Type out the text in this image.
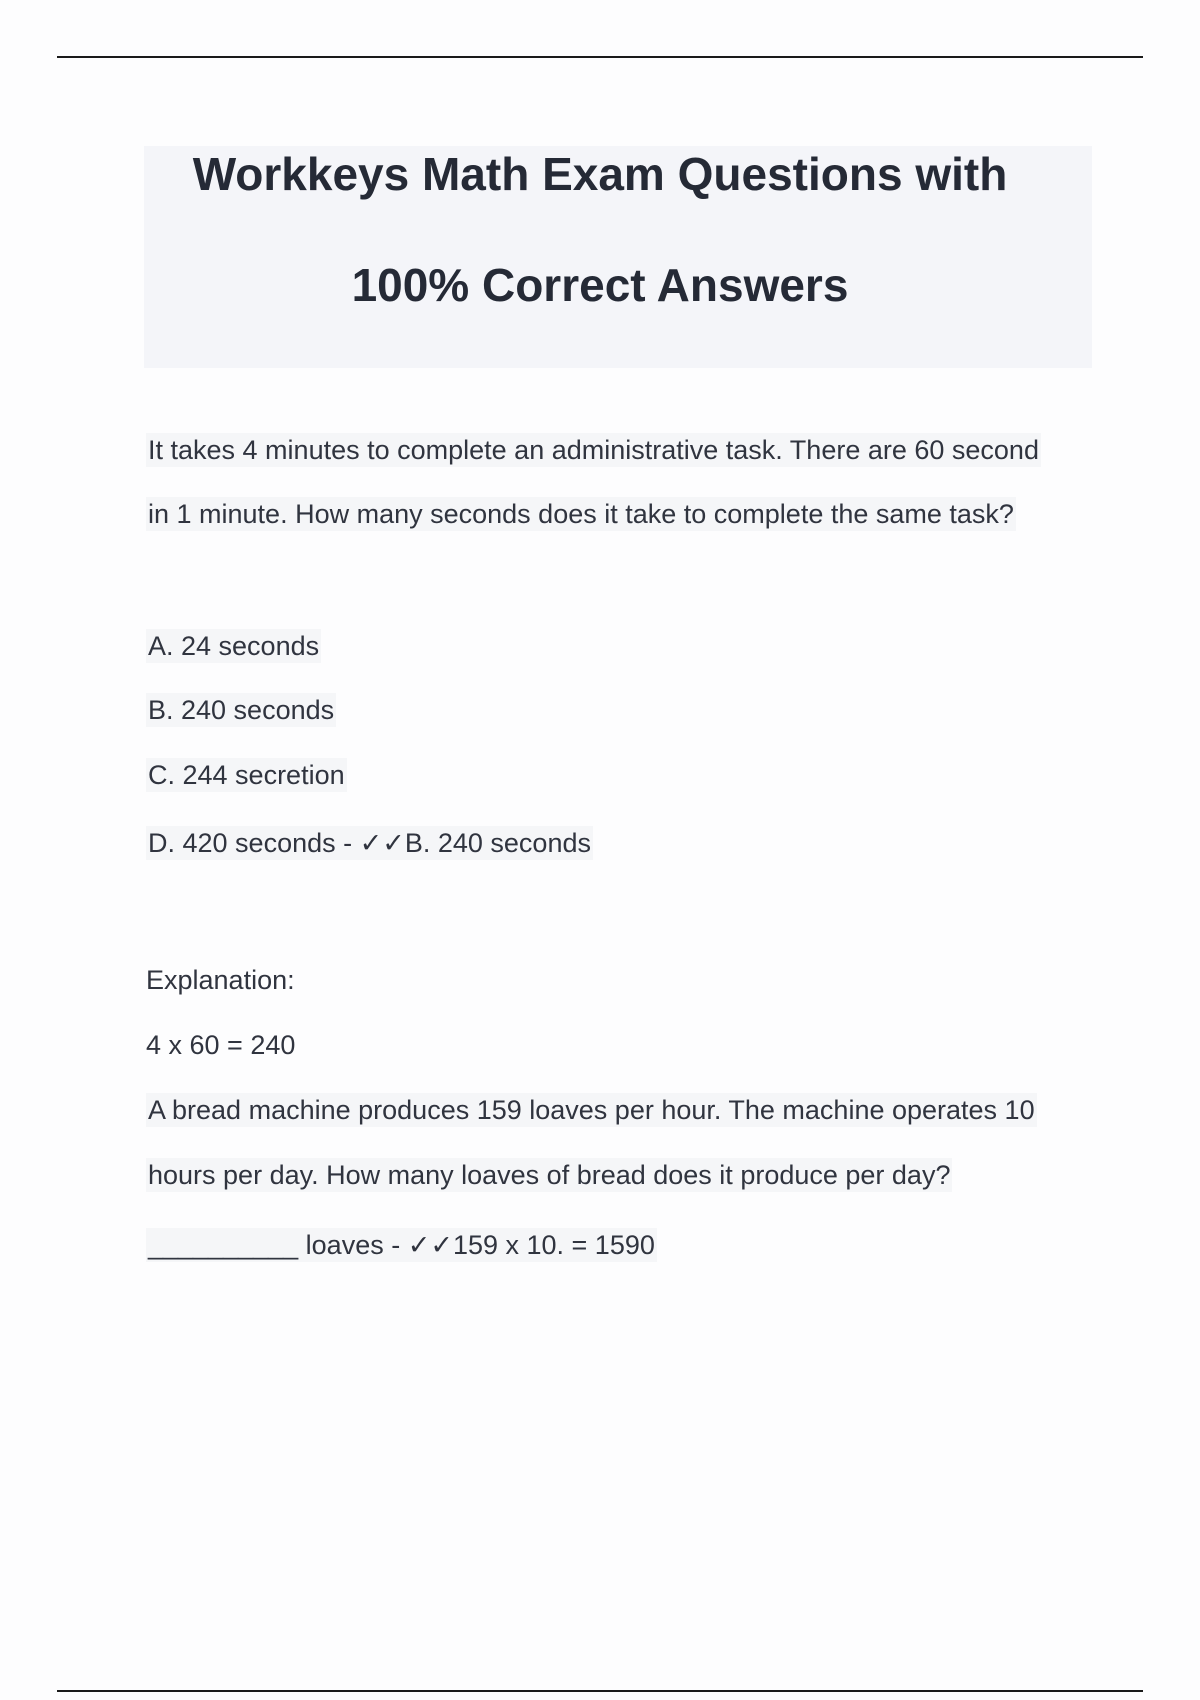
Workkeys Math Exam Questions with
100% Correct Answers
It takes 4 minutes to complete an administrative task. There are 60 second
in 1 minute. How many seconds does it take to complete the same task?
A. 24 seconds
B. 240 seconds
C. 244 secretion
D. 420 seconds - ✓✓B. 240 seconds
Explanation:
4 x 60 = 240
A bread machine produces 159 loaves per hour. The machine operates 10
hours per day. How many loaves of bread does it produce per day?
__________ loaves - ✓✓159 x 10. = 1590
